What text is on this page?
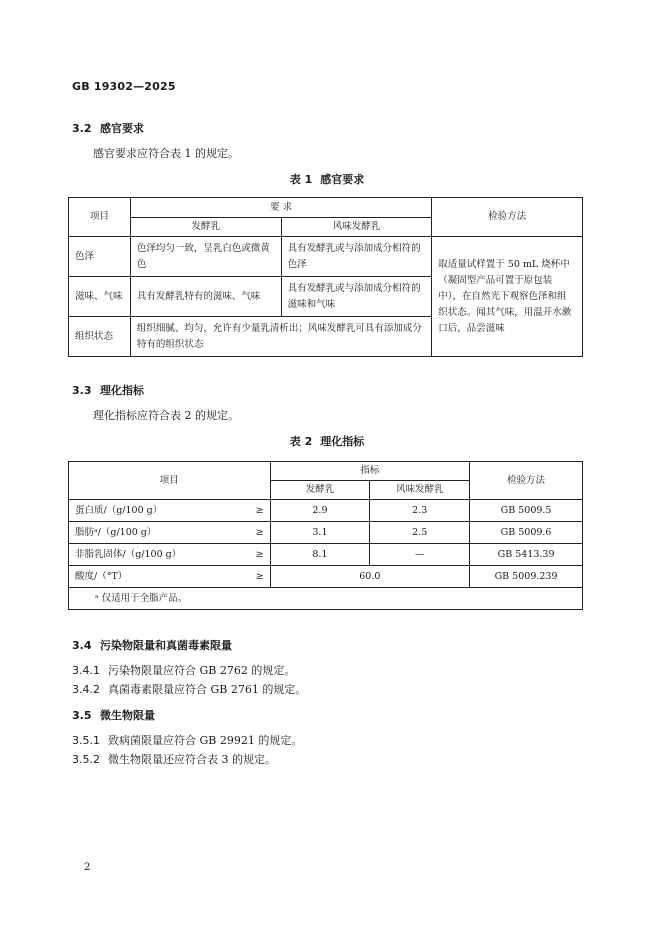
GB 19302—2025
3.2 感官要求
感官要求应符合表 1 的规定。
表 1 感官要求
项目	要 求		检验方法
	发酵乳	风味发酵乳	
色泽	色泽均匀一致，呈乳白色或微黄色	具有发酵乳或与添加成分相符的色泽	取适量试样置于 50 mL 烧杯中（凝固型产品可置于原包装中），在自然光下观察色泽和组织状态。闻其气味，用温开水漱口后，品尝滋味
滋味、气味	具有发酵乳特有的滋味、气味	具有发酵乳或与添加成分相符的滋味和气味	
组织状态	组织细腻、均匀，允许有少量乳清析出；风味发酵乳可具有添加成分特有的组织状态		
3.3 理化指标
理化指标应符合表 2 的规定。
表 2 理化指标
项目	指标		检验方法
	发酵乳	风味发酵乳	
蛋白质/（g/100 g） ≥	2.9	2.3	GB 5009.5
脂肪ᵃ/（g/100 g） ≥	3.1	2.5	GB 5009.6
非脂乳固体/（g/100 g） ≥	8.1	—	GB 5413.39
酸度/（°T） ≥	60.0		GB 5009.239
ᵃ 仅适用于全脂产品。			
3.4 污染物限量和真菌毒素限量
3.4.1 污染物限量应符合 GB 2762 的规定。
3.4.2 真菌毒素限量应符合 GB 2761 的规定。
3.5 微生物限量
3.5.1 致病菌限量应符合 GB 29921 的规定。
3.5.2 微生物限量还应符合表 3 的规定。
2
